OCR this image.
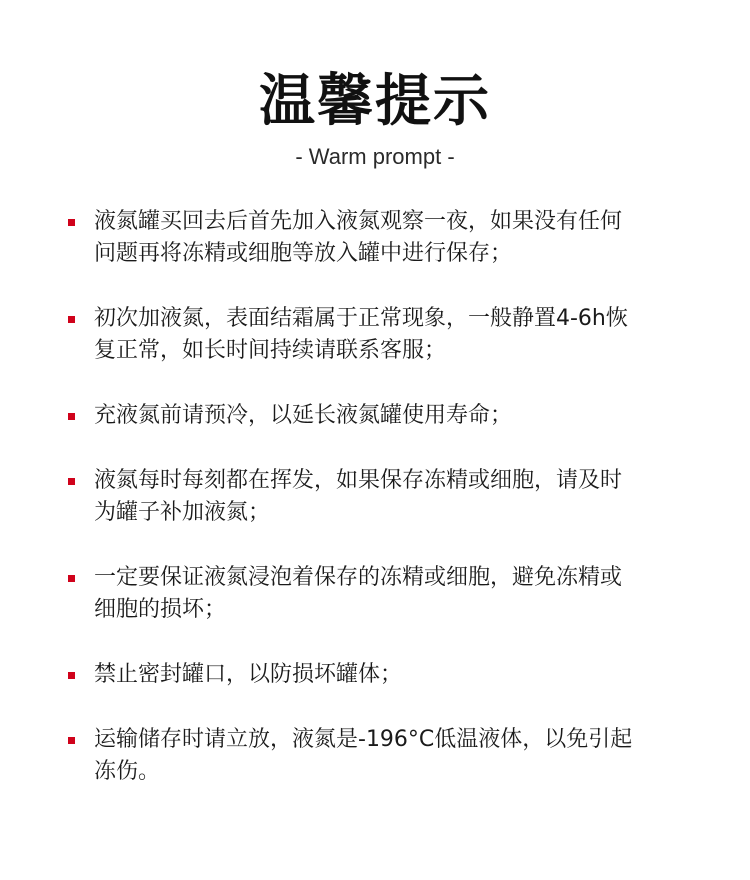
温馨提示
- Warm prompt -
液氮罐买回去后首先加入液氮观察一夜，如果没有任何问题再将冻精或细胞等放入罐中进行保存；
初次加液氮，表面结霜属于正常现象，一般静置4-6h恢复正常，如长时间持续请联系客服；
充液氮前请预冷，以延长液氮罐使用寿命；
液氮每时每刻都在挥发，如果保存冻精或细胞，请及时为罐子补加液氮；
一定要保证液氮浸泡着保存的冻精或细胞，避免冻精或细胞的损坏；
禁止密封罐口，以防损坏罐体；
运输储存时请立放，液氮是-196°C低温液体，以免引起冻伤。
